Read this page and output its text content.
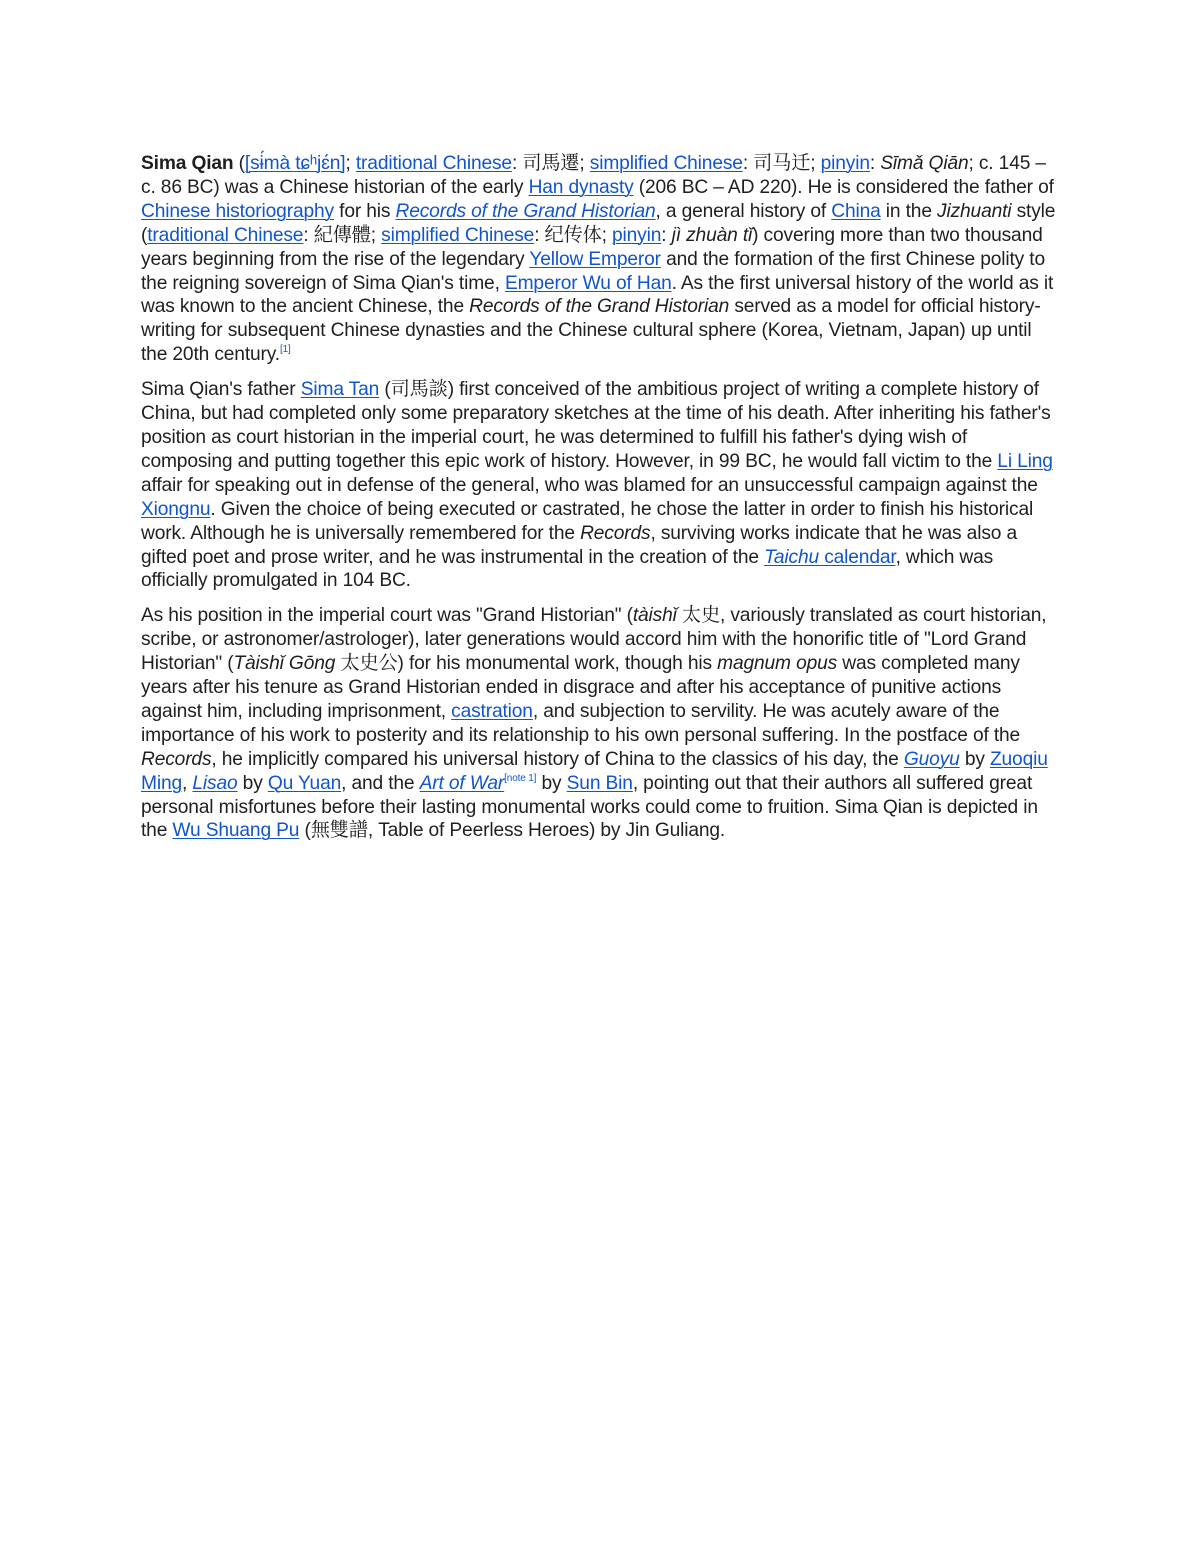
Sima Qian ([sɨ́mà tɕʰjɛ́n]; traditional Chinese: 司馬遷; simplified Chinese: 司马迁; pinyin: Sīmǎ Qiān; c. 145 – c. 86 BC) was a Chinese historian of the early Han dynasty (206 BC – AD 220). He is considered the father of Chinese historiography for his Records of the Grand Historian, a general history of China in the Jizhuanti style (traditional Chinese: 紀傳體; simplified Chinese: 纪传体; pinyin: jì zhuàn tǐ) covering more than two thousand years beginning from the rise of the legendary Yellow Emperor and the formation of the first Chinese polity to the reigning sovereign of Sima Qian's time, Emperor Wu of Han. As the first universal history of the world as it was known to the ancient Chinese, the Records of the Grand Historian served as a model for official history-writing for subsequent Chinese dynasties and the Chinese cultural sphere (Korea, Vietnam, Japan) up until the 20th century.[1]

Sima Qian's father Sima Tan (司馬談) first conceived of the ambitious project of writing a complete history of China, but had completed only some preparatory sketches at the time of his death. After inheriting his father's position as court historian in the imperial court, he was determined to fulfill his father's dying wish of composing and putting together this epic work of history. However, in 99 BC, he would fall victim to the Li Ling affair for speaking out in defense of the general, who was blamed for an unsuccessful campaign against the Xiongnu. Given the choice of being executed or castrated, he chose the latter in order to finish his historical work. Although he is universally remembered for the Records, surviving works indicate that he was also a gifted poet and prose writer, and he was instrumental in the creation of the Taichu calendar, which was officially promulgated in 104 BC.

As his position in the imperial court was "Grand Historian" (tàishǐ 太史, variously translated as court historian, scribe, or astronomer/astrologer), later generations would accord him with the honorific title of "Lord Grand Historian" (Tàishǐ Gōng 太史公) for his monumental work, though his magnum opus was completed many years after his tenure as Grand Historian ended in disgrace and after his acceptance of punitive actions against him, including imprisonment, castration, and subjection to servility. He was acutely aware of the importance of his work to posterity and its relationship to his own personal suffering. In the postface of the Records, he implicitly compared his universal history of China to the classics of his day, the Guoyu by Zuoqiu Ming, Lisao by Qu Yuan, and the Art of War[note 1] by Sun Bin, pointing out that their authors all suffered great personal misfortunes before their lasting monumental works could come to fruition. Sima Qian is depicted in the Wu Shuang Pu (無雙譜, Table of Peerless Heroes) by Jin Guliang.
